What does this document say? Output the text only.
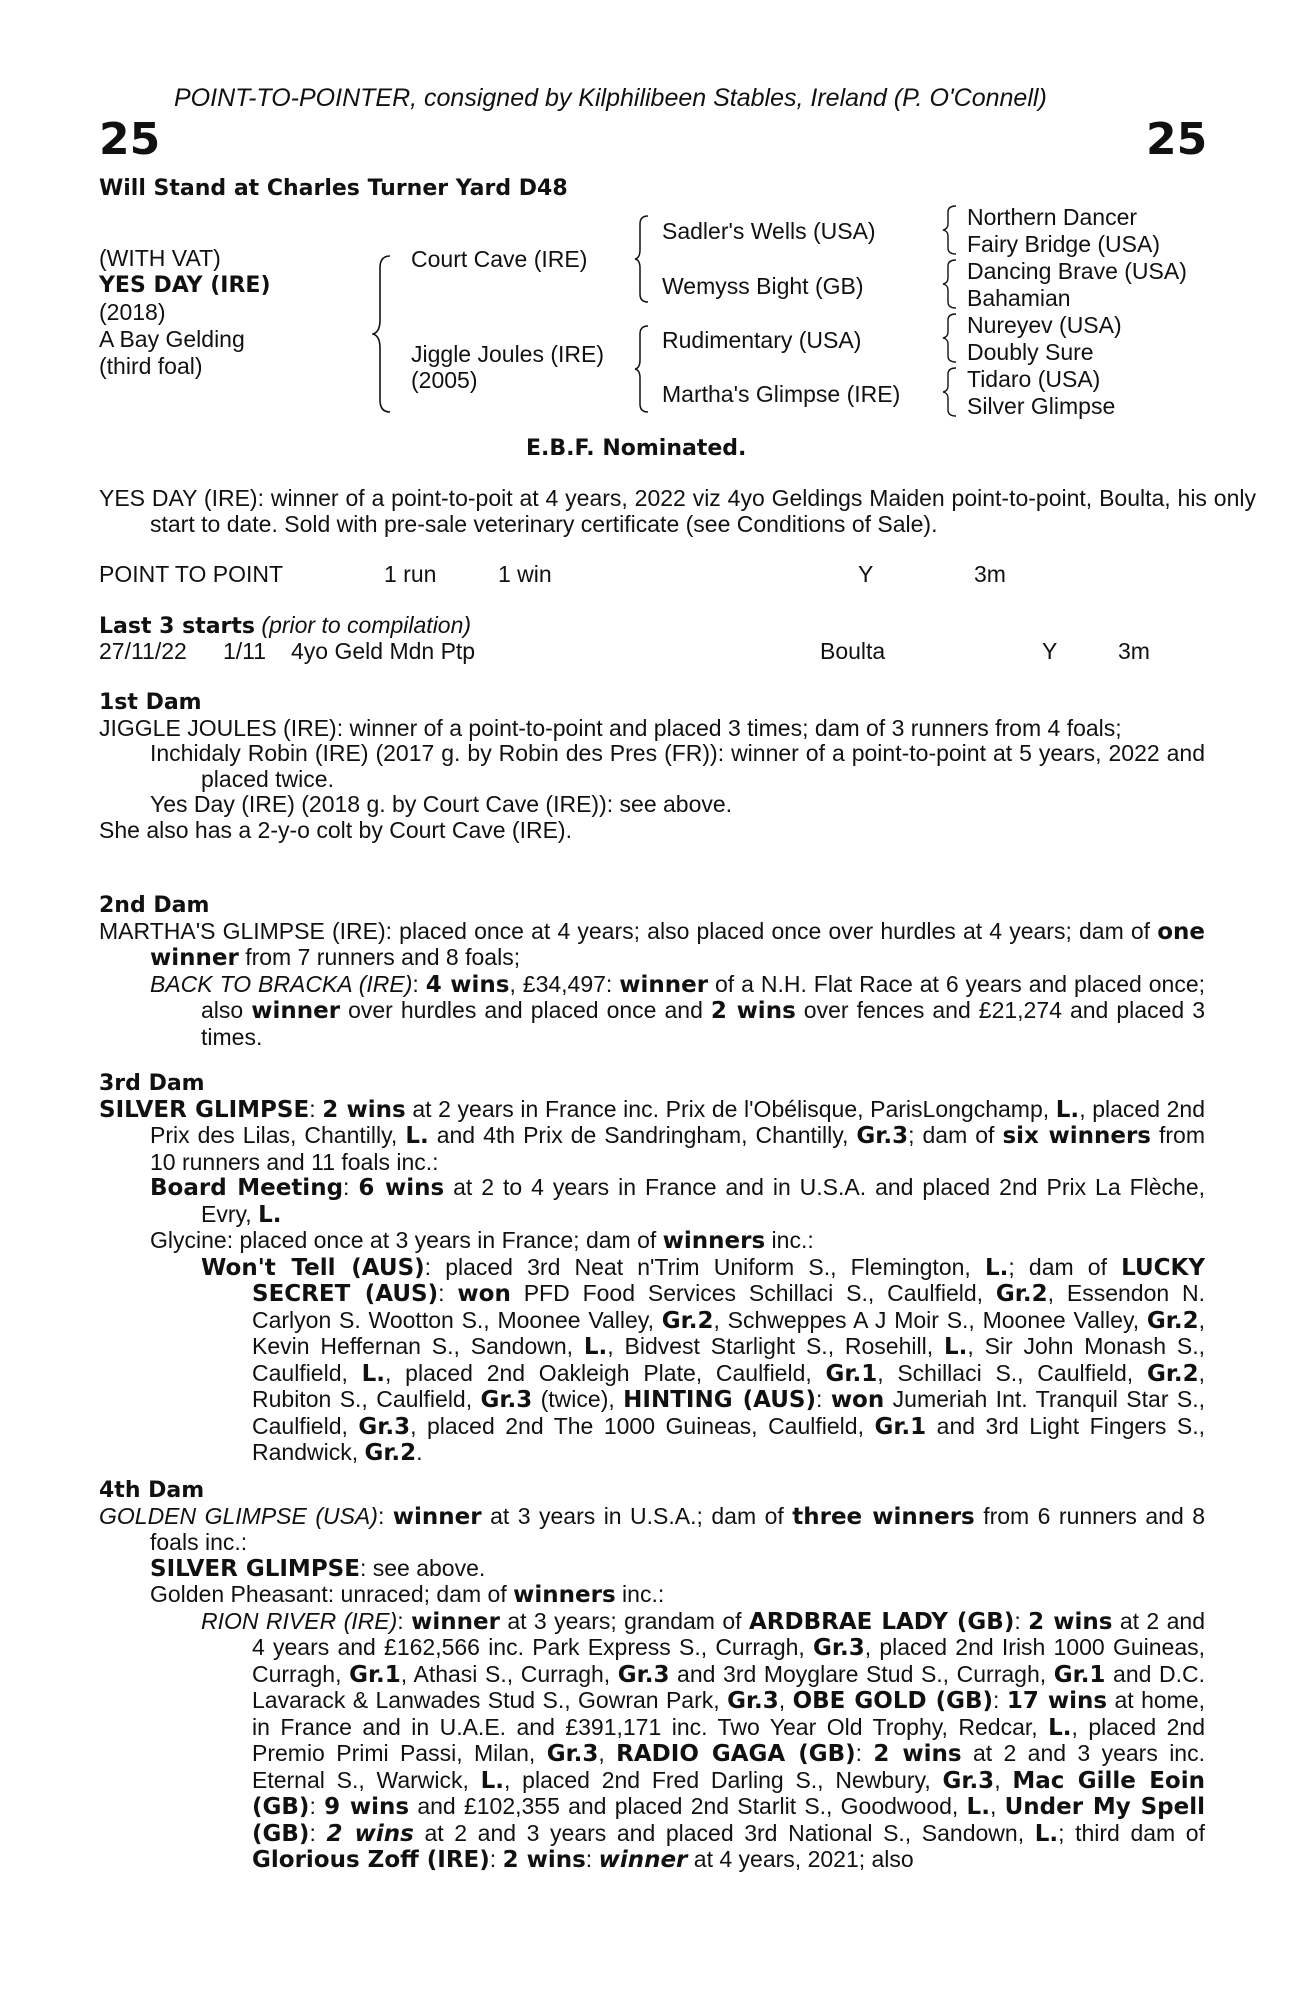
POINT-TO-POINTER, consigned by Kilphilibeen Stables, Ireland (P. O'Connell)
25	25
Will Stand at Charles Turner Yard D48
(WITH VAT)
YES DAY (IRE)
(2018)
A Bay Gelding
(third foal)
Court Cave (IRE)
Jiggle Joules (IRE)
(2005)
Sadler's Wells (USA)
Wemyss Bight (GB)
Rudimentary (USA)
Martha's Glimpse (IRE)
Northern Dancer
Fairy Bridge (USA)
Dancing Brave (USA)
Bahamian
Nureyev (USA)
Doubly Sure
Tidaro (USA)
Silver Glimpse
E.B.F. Nominated.
YES DAY (IRE): winner of a point-to-poit at 4 years, 2022 viz 4yo Geldings Maiden point-to-point, Boulta, his only start to date. Sold with pre-sale veterinary certificate (see Conditions of Sale).
POINT TO POINT	1 run	1 win	Y	3m
Last 3 starts (prior to compilation)
27/11/22 1/11 4yo Geld Mdn Ptp	Boulta	Y	3m
1st Dam

JIGGLE JOULES (IRE): winner of a point-to-point and placed 3 times; dam of 3 runners from 4 foals;

Inchidaly Robin (IRE) (2017 g. by Robin des Pres (FR)): winner of a point-to-point at 5 years, 2022 and placed twice.

Yes Day (IRE) (2018 g. by Court Cave (IRE)): see above.

She also has a 2-y-o colt by Court Cave (IRE).

2nd Dam

MARTHA'S GLIMPSE (IRE): placed once at 4 years; also placed once over hurdles at 4 years; dam of one winner from 7 runners and 8 foals;

BACK TO BRACKA (IRE): 4 wins, £34,497: winner of a N.H. Flat Race at 6 years and placed once; also winner over hurdles and placed once and 2 wins over fences and £21,274 and placed 3 times.

3rd Dam

SILVER GLIMPSE: 2 wins at 2 years in France inc. Prix de l'Obélisque, ParisLongchamp, L., placed 2nd Prix des Lilas, Chantilly, L. and 4th Prix de Sandringham, Chantilly, Gr.3; dam of six winners from 10 runners and 11 foals inc.:

Board Meeting: 6 wins at 2 to 4 years in France and in U.S.A. and placed 2nd Prix La Flèche, Evry, L.

Glycine: placed once at 3 years in France; dam of winners inc.:

Won't Tell (AUS): placed 3rd Neat n'Trim Uniform S., Flemington, L.; dam of LUCKY SECRET (AUS): won PFD Food Services Schillaci S., Caulfield, Gr.2, Essendon N. Carlyon S. Wootton S., Moonee Valley, Gr.2, Schweppes A J Moir S., Moonee Valley, Gr.2, Kevin Heffernan S., Sandown, L., Bidvest Starlight S., Rosehill, L., Sir John Monash S., Caulfield, L., placed 2nd Oakleigh Plate, Caulfield, Gr.1, Schillaci S., Caulfield, Gr.2, Rubiton S., Caulfield, Gr.3 (twice), HINTING (AUS): won Jumeriah Int. Tranquil Star S., Caulfield, Gr.3, placed 2nd The 1000 Guineas, Caulfield, Gr.1 and 3rd Light Fingers S., Randwick, Gr.2.

4th Dam

GOLDEN GLIMPSE (USA): winner at 3 years in U.S.A.; dam of three winners from 6 runners and 8 foals inc.:

SILVER GLIMPSE: see above.

Golden Pheasant: unraced; dam of winners inc.:

RION RIVER (IRE): winner at 3 years; grandam of ARDBRAE LADY (GB): 2 wins at 2 and 4 years and £162,566 inc. Park Express S., Curragh, Gr.3, placed 2nd Irish 1000 Guineas, Curragh, Gr.1, Athasi S., Curragh, Gr.3 and 3rd Moyglare Stud S., Curragh, Gr.1 and D.C. Lavarack & Lanwades Stud S., Gowran Park, Gr.3, OBE GOLD (GB): 17 wins at home, in France and in U.A.E. and £391,171 inc. Two Year Old Trophy, Redcar, L., placed 2nd Premio Primi Passi, Milan, Gr.3, RADIO GAGA (GB): 2 wins at 2 and 3 years inc. Eternal S., Warwick, L., placed 2nd Fred Darling S., Newbury, Gr.3, Mac Gille Eoin (GB): 9 wins and £102,355 and placed 2nd Starlit S., Goodwood, L., Under My Spell (GB): 2 wins at 2 and 3 years and placed 3rd National S., Sandown, L.; third dam of Glorious Zoff (IRE): 2 wins: winner at 4 years, 2021; also
